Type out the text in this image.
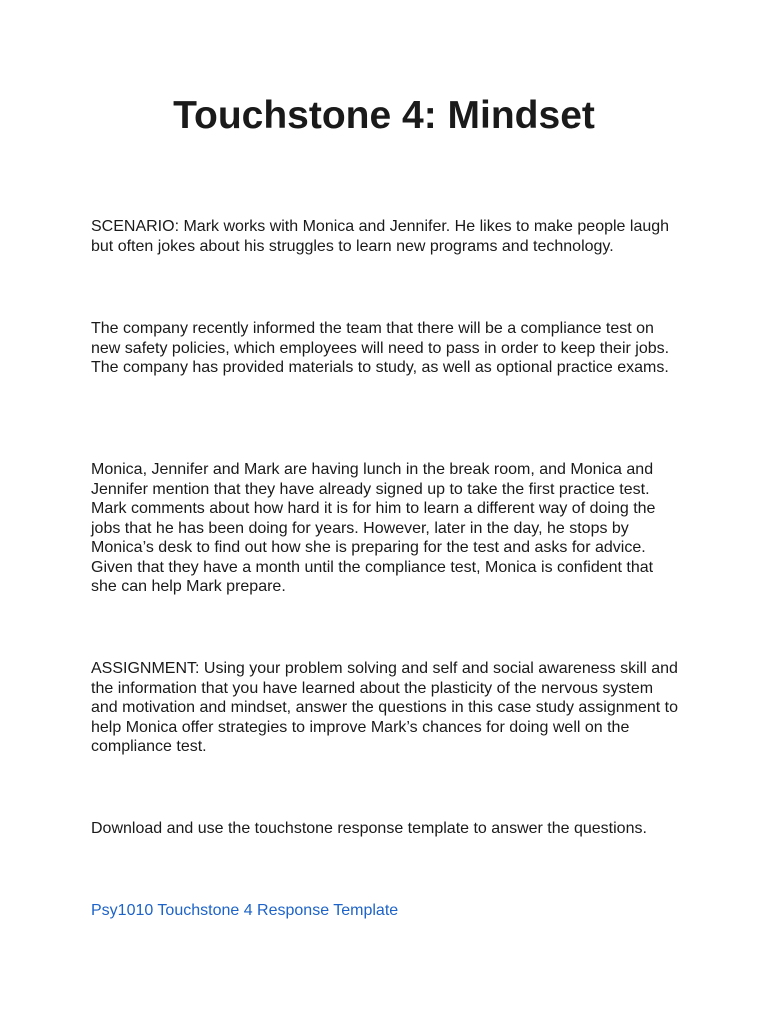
Touchstone 4: Mindset

SCENARIO: Mark works with Monica and Jennifer. He likes to make people laugh but often jokes about his struggles to learn new programs and technology.

The company recently informed the team that there will be a compliance test on new safety policies, which employees will need to pass in order to keep their jobs. The company has provided materials to study, as well as optional practice exams.

Monica, Jennifer and Mark are having lunch in the break room, and Monica and Jennifer mention that they have already signed up to take the first practice test. Mark comments about how hard it is for him to learn a different way of doing the jobs that he has been doing for years. However, later in the day, he stops by Monica’s desk to find out how she is preparing for the test and asks for advice. Given that they have a month until the compliance test, Monica is confident that she can help Mark prepare.

ASSIGNMENT: Using your problem solving and self and social awareness skill and the information that you have learned about the plasticity of the nervous system and motivation and mindset, answer the questions in this case study assignment to help Monica offer strategies to improve Mark’s chances for doing well on the compliance test.

Download and use the touchstone response template to answer the questions.

Psy1010 Touchstone 4 Response Template
